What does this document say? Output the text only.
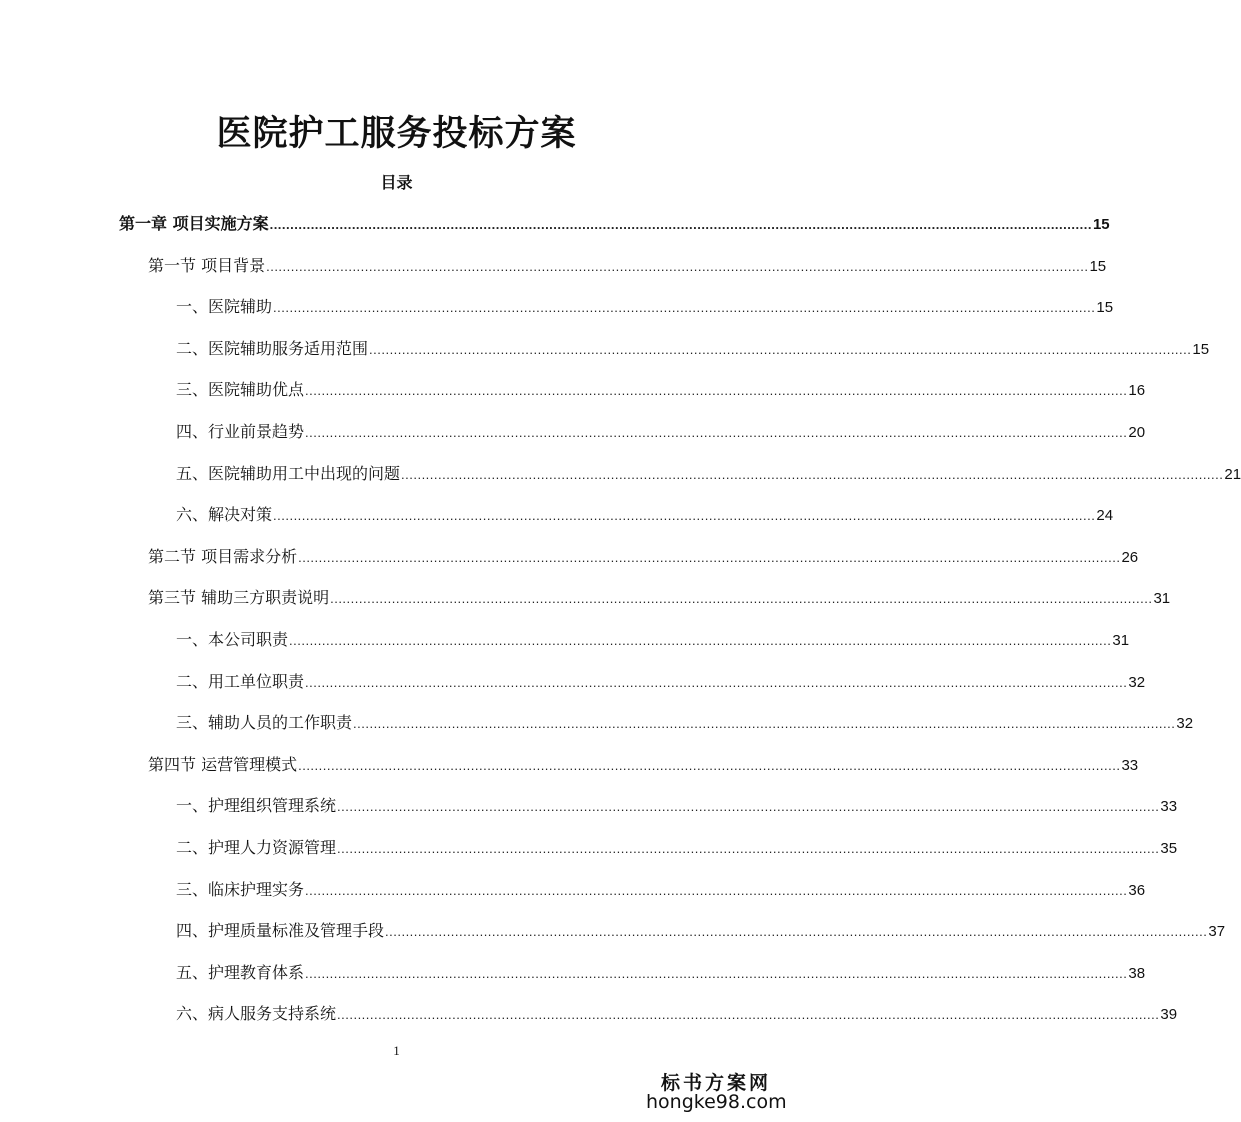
医院护工服务投标方案
目录
第一章 项目实施方案 ........................................................................................................................................................................................................ 15
第一节 项目背景 ........................................................................................................................................................................................................ 15
一、医院辅助 ........................................................................................................................................................................................................ 15
二、医院辅助服务适用范围 ........................................................................................................................................................................................................ 15
三、医院辅助优点 ........................................................................................................................................................................................................ 16
四、行业前景趋势 ........................................................................................................................................................................................................ 20
五、医院辅助用工中出现的问题 ........................................................................................................................................................................................................ 21
六、解决对策 ........................................................................................................................................................................................................ 24
第二节 项目需求分析 ........................................................................................................................................................................................................ 26
第三节 辅助三方职责说明 ........................................................................................................................................................................................................ 31
一、本公司职责 ........................................................................................................................................................................................................ 31
二、用工单位职责 ........................................................................................................................................................................................................ 32
三、辅助人员的工作职责 ........................................................................................................................................................................................................ 32
第四节 运营管理模式 ........................................................................................................................................................................................................ 33
一、护理组织管理系统 ........................................................................................................................................................................................................ 33
二、护理人力资源管理 ........................................................................................................................................................................................................ 35
三、临床护理实务 ........................................................................................................................................................................................................ 36
四、护理质量标准及管理手段 ........................................................................................................................................................................................................ 37
五、护理教育体系 ........................................................................................................................................................................................................ 38
六、病人服务支持系统 ........................................................................................................................................................................................................ 39
1
标书方案网
hongke98.com
